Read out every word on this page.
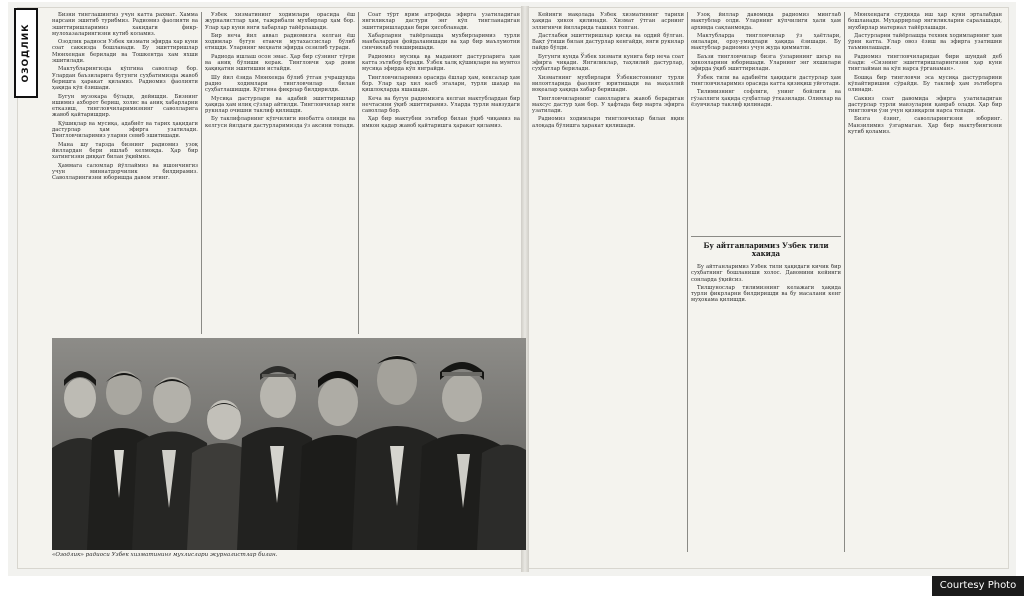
ОЗОДЛИК

Бизни тинглашингиз учун катта рахмат. Хамма нарсани эшитиб турибмиз. Радиомиз фаолияти ва эшиттиришларимиз хакидаги фикр-мулохазаларингизни кутиб коламиз.

Озодлик радиоси Узбек хизмати эфирда хар куни соат саккизда бошланади. Бу эшиттиришлар Мюнхендан берилади ва Тошкентда хам яхши эшитилади.

Мактубларингизда кўпгина саволлар бор. Улардан баъзиларига бугунги суҳбатимизда жавоб беришга ҳаракат қиламиз. Радиомиз фаолияти ҳақида кўп ёзишади.

Бугун музокара бўлади, дейишди. Бизнинг ишимиз ахборот бериш, холис ва аниқ хабарларни етказиш, тингловчиларимизнинг саволларига жавоб қайтаришдир.

Қўшиқлар ва мусиқа, адабиёт ва тарих ҳақидаги дастурлар ҳам эфирга узатилади. Тингловчиларимиз уларни севиб эшитишади.

Мана шу тарзда бизнинг радиомиз узоқ йиллардан бери ишлаб келмоқда. Ҳар бир хатингизни диққат билан ўқиймиз.

Ҳаммага саломлар йўллаймиз ва ишончингиз учун миннатдорчилик билдирамиз. Саволларингизни юборишда давом этинг.

Ўзбек хизматининг ходимлари орасида ёш журналистлар ҳам, тажрибали мухбирлар ҳам бор. Улар ҳар куни янги хабарлар тайёрлашади.

Бир неча йил аввал радиомизга келган ёш ходимлар бугун етакчи мутахассислар бўлиб етишди. Уларнинг меҳнати эфирда сезилиб туради.

Радиода ишлаш осон эмас. Ҳар бир сўзнинг тўғри ва аниқ бўлиши керак. Тингловчи ҳар доим ҳақиқатни эшитишни истайди.

Шу йил ёзида Мюнхенда бўлиб ўтган учрашувда радио ходимлари тингловчилар билан суҳбатлашишди. Кўпгина фикрлар билдирилди.

Мусиқа дастурлари ва адабий эшиттиришлар ҳақида ҳам илиқ сўзлар айтилди. Тингловчилар янги рукнлар очишни таклиф қилишди.

Бу таклифларнинг кўпчилиги инобатга олинди ва келгуси йилдаги дастурларимизда ўз аксини топади.

Соат тўрт ярим атрофида эфирга узатиладиган янгиликлар дастури энг кўп тингланадиган эшиттиришлардан бири ҳисобланади.

Хабарларни тайёрлашда мухбирларимиз турли манбалардан фойдаланишади ва ҳар бир маълумотни синчиклаб текширишади.

Радиомиз мусиқа ва маданият дастурларига ҳам катта эътибор беради. Ўзбек халқ қўшиқлари ва мумтоз мусиқа эфирда кўп янграйди.

Тингловчиларимиз орасида ёшлар ҳам, кексалар ҳам бор. Улар ҳар хил касб эгалари, турли шаҳар ва қишлоқларда яшашади.

Кеча ва бугун радиомизга келган мактублардан бир нечтасини ўқиб эшиттирамиз. Уларда турли мавзудаги саволлар бор.

Ҳар бир мактубни эътибор билан ўқиб чиқамиз ва имкон қадар жавоб қайтаришга ҳаракат қиламиз.

«Озодлик» радиоси Узбек хизматининг мухлислари журналистлар билан.

Кейинги мақолада Ўзбек хизматининг тарихи ҳақида ҳикоя қилинади. Хизмат ўтган асрнинг эллигинчи йилларида ташкил топган.

Дастлабки эшиттиришлар қисқа ва оддий бўлган. Вақт ўтиши билан дастурлар кенгайди, янги рукнлар пайдо бўлди.

Бугунги кунда Ўзбек хизмати кунига бир неча соат эфирга чиқади. Янгиликлар, таҳлилий дастурлар, суҳбатлар берилади.

Хизматнинг мухбирлари Ўзбекистоннинг турли вилоятларида фаолият юритишади ва маҳаллий воқеалар ҳақида хабар беришади.

Тингловчиларнинг саволларига жавоб берадиган махсус дастур ҳам бор. У ҳафтада бир марта эфирга узатилади.

Радиомиз ходимлари тингловчилар билан яқин алоқада бўлишга ҳаракат қилишади.

Узоқ йиллар давомида радиомиз минглаб мактублар олди. Уларнинг кўпчилиги ҳали ҳам архивда сақланмоқда.

Мактубларда тингловчилар ўз ҳаётлари, оилалари, орзу-умидлари ҳақида ёзишади. Бу мактублар радиомиз учун жуда қимматли.

Баъзи тингловчилар бизга ўзларининг шеър ва ҳикояларини юборишади. Уларнинг энг яхшилари эфирда ўқиб эшиттирилади.

Ўзбек тили ва адабиёти ҳақидаги дастурлар ҳам тингловчиларимиз орасида катта қизиқиш уйғотади.

Тилимизнинг софлиги, унинг бойлиги ва гўзаллиги ҳақида суҳбатлар ўтказилади. Олимлар ва ёзувчилар таклиф қилинади.

Бу айтганларимиз Узбек тили хакида

Бу айтганларимиз Ўзбек тили ҳақидаги кичик бир суҳбатнинг бошланиши холос. Давомини кейинги сонларда ўқийсиз.

Тилшунослар тилимизнинг келажаги ҳақида турли фикрларни билдиришди ва бу масалани кенг муҳокама қилишди.

Мюнхендаги студияда иш ҳар куни эрталабдан бошланади. Муҳаррирлар янгиликларни саралашади, мухбирлар материал тайёрлашади.

Дастурларни тайёрлашда техник ходимларнинг ҳам ўрни катта. Улар овоз ёзиш ва эфирга узатишни таъминлашади.

Радиомиз тингловчиларидан бири шундай деб ёзади: «Сизнинг эшиттиришларингизни ҳар куни тинглайман ва кўп нарса ўрганаман».

Бошқа бир тингловчи эса мусиқа дастурларини кўпайтиришни сўрайди. Бу таклиф ҳам эътиборга олинади.

Саккиз соат давомида эфирга узатиладиган дастурлар турли мавзуларни қамраб олади. Ҳар бир тингловчи ўзи учун қизиқарли нарса топади.

Бизга ёзинг, саволларингизни юборинг. Манзилимиз ўзгармаган. Ҳар бир мактубингизни кутиб қоламиз.

Courtesy Photo
